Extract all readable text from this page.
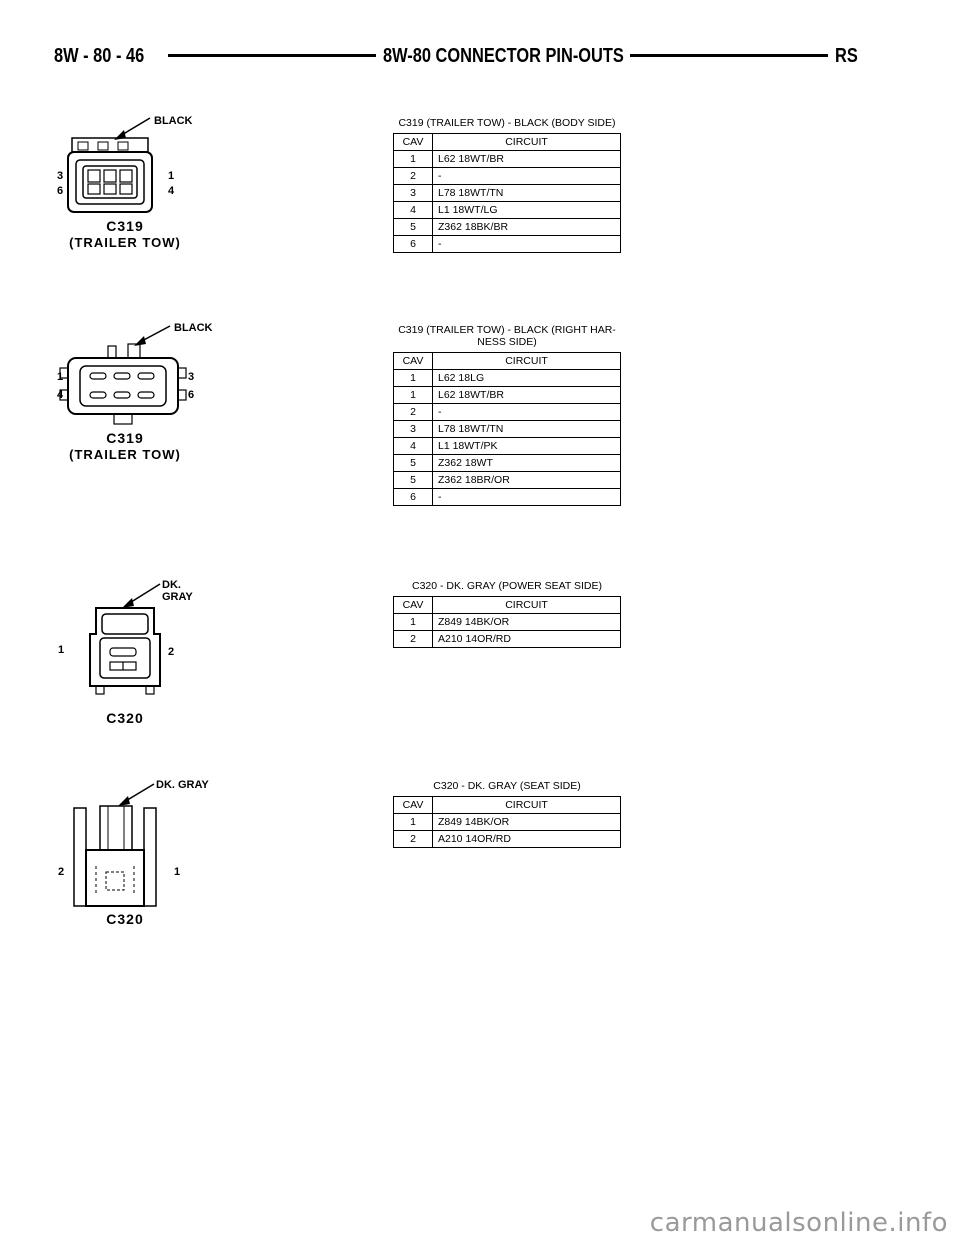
8W - 80 - 46	8W-80 CONNECTOR PIN-OUTS	RS
BLACK
3
6
1
4
C319
(TRAILER TOW)
C319 (TRAILER TOW) - BLACK (BODY SIDE)
CAV	CIRCUIT
1	L62 18WT/BR
2	-
3	L78 18WT/TN
4	L1 18WT/LG
5	Z362 18BK/BR
6	-
BLACK
1
4
3
6
C319
(TRAILER TOW)
C319 (TRAILER TOW) - BLACK (RIGHT HAR-
NESS SIDE)
CAV	CIRCUIT
1	L62 18LG
1	L62 18WT/BR
2	-
3	L78 18WT/TN
4	L1 18WT/PK
5	Z362 18WT
5	Z362 18BR/OR
6	-
DK. GRAY
1	2
C320
C320 - DK. GRAY (POWER SEAT SIDE)
CAV	CIRCUIT
1	Z849 14BK/OR
2	A210 14OR/RD
DK. GRAY
2	1
C320
C320 - DK. GRAY (SEAT SIDE)
CAV	CIRCUIT
1	Z849 14BK/OR
2	A210 14OR/RD
carmanualsonline.info
